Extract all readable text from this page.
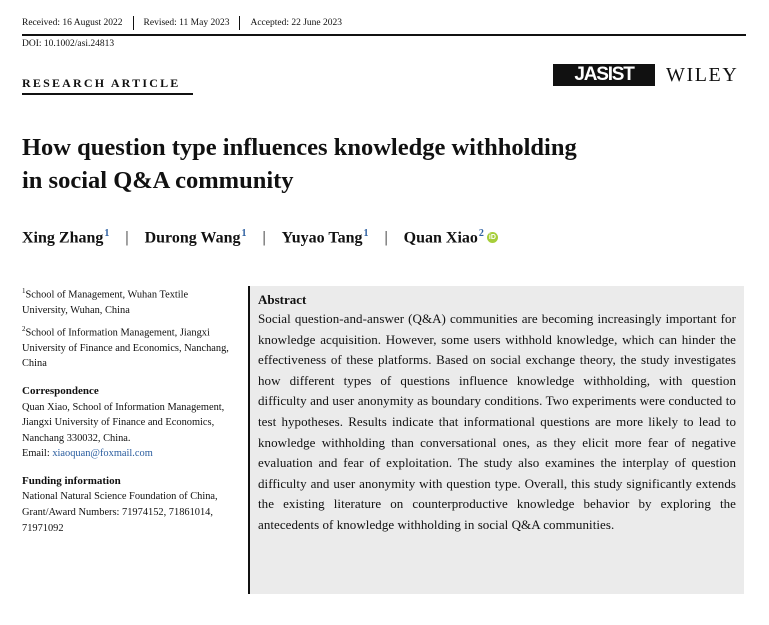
Received: 16 August 2022 Revised: 11 May 2023 Accepted: 22 June 2023
DOI: 10.1002/asi.24813
RESEARCH ARTICLE	JASIST	WILEY
How question type influences knowledge withholding
in social Q&A community
Xing Zhang$^1$ | Durong Wang$^1$ | Yuyao Tang$^1$ | Quan Xiao$^2$ iD

$^1$School of Management, Wuhan Textile University, Wuhan, China

$^2$School of Information Management, Jiangxi University of Finance and Economics, Nanchang, China

Correspondence

Quan Xiao, School of Information Management, Jiangxi University of Finance and Economics, Nanchang 330032, China.

Email: xiaoquan@foxmail.com

Funding information

National Natural Science Foundation of China, Grant/Award Numbers: 71974152, 71861014, 71971092

Abstract

Social question-and-answer (Q&A) communities are becoming increasingly important for knowledge acquisition. However, some users withhold knowledge, which can hinder the effectiveness of these platforms. Based on social exchange theory, the study investigates how different types of questions influence knowledge withholding, with question difficulty and user anonymity as boundary conditions. Two experiments were conducted to test hypotheses. Results indicate that informational questions are more likely to lead to knowledge withholding than conversational ones, as they elicit more fear of negative evaluation and fear of exploitation. The study also examines the interplay of question difficulty and user anonymity with question type. Overall, this study significantly extends the existing literature on counterproductive knowledge behavior by exploring the antecedents of knowledge withholding in social Q&A communities.
